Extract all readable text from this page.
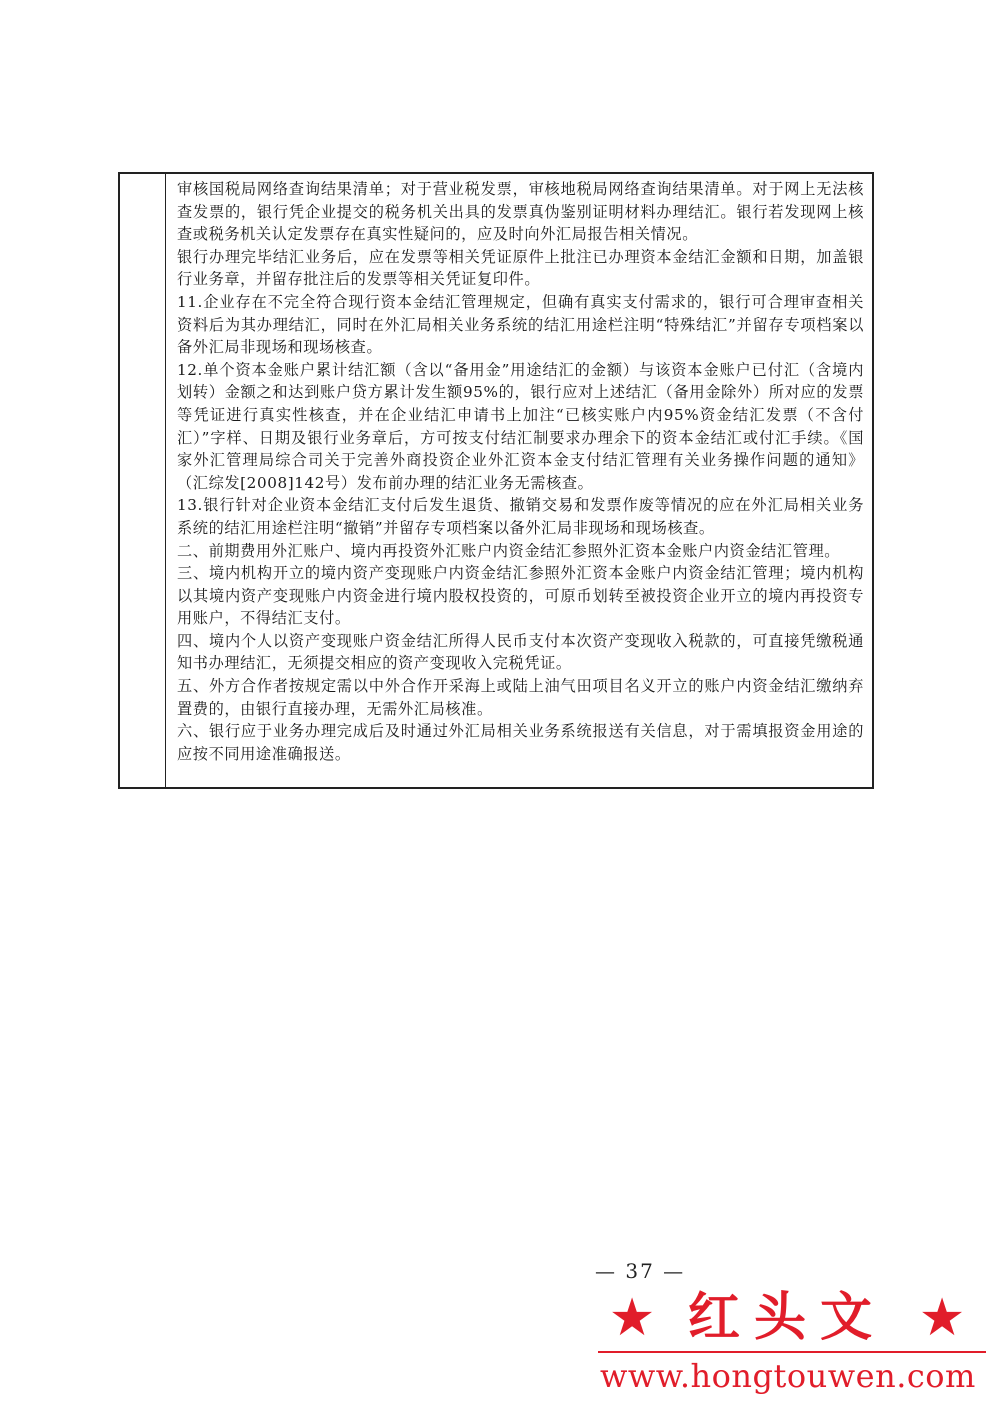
审核国税局网络查询结果清单；对于营业税发票，审核地税局网络查询结果清单。对于网上无法核查发票的，银行凭企业提交的税务机关出具的发票真伪鉴别证明材料办理结汇。银行若发现网上核查或税务机关认定发票存在真实性疑问的，应及时向外汇局报告相关情况。

银行办理完毕结汇业务后，应在发票等相关凭证原件上批注已办理资本金结汇金额和日期，加盖银行业务章，并留存批注后的发票等相关凭证复印件。

11.企业存在不完全符合现行资本金结汇管理规定，但确有真实支付需求的，银行可合理审查相关资料后为其办理结汇，同时在外汇局相关业务系统的结汇用途栏注明“特殊结汇”并留存专项档案以备外汇局非现场和现场核查。

12.单个资本金账户累计结汇额（含以“备用金”用途结汇的金额）与该资本金账户已付汇（含境内划转）金额之和达到账户贷方累计发生额95%的，银行应对上述结汇（备用金除外）所对应的发票等凭证进行真实性核查，并在企业结汇申请书上加注“已核实账户内95%资金结汇发票（不含付汇）”字样、日期及银行业务章后，方可按支付结汇制要求办理余下的资本金结汇或付汇手续。《国家外汇管理局综合司关于完善外商投资企业外汇资本金支付结汇管理有关业务操作问题的通知》（汇综发[2008]142号）发布前办理的结汇业务无需核查。

13.银行针对企业资本金结汇支付后发生退货、撤销交易和发票作废等情况的应在外汇局相关业务系统的结汇用途栏注明“撤销”并留存专项档案以备外汇局非现场和现场核查。

二、前期费用外汇账户、境内再投资外汇账户内资金结汇参照外汇资本金账户内资金结汇管理。

三、境内机构开立的境内资产变现账户内资金结汇参照外汇资本金账户内资金结汇管理；境内机构以其境内资产变现账户内资金进行境内股权投资的，可原币划转至被投资企业开立的境内再投资专用账户，不得结汇支付。

四、境内个人以资产变现账户资金结汇所得人民币支付本次资产变现收入税款的，可直接凭缴税通知书办理结汇，无须提交相应的资产变现收入完税凭证。

五、外方合作者按规定需以中外合作开采海上或陆上油气田项目名义开立的账户内资金结汇缴纳弃置费的，由银行直接办理，无需外汇局核准。

六、银行应于业务办理完成后及时通过外汇局相关业务系统报送有关信息，对于需填报资金用途的应按不同用途准确报送。

— 37 —
★ 红头文 ★
www.hongtouwen.com
